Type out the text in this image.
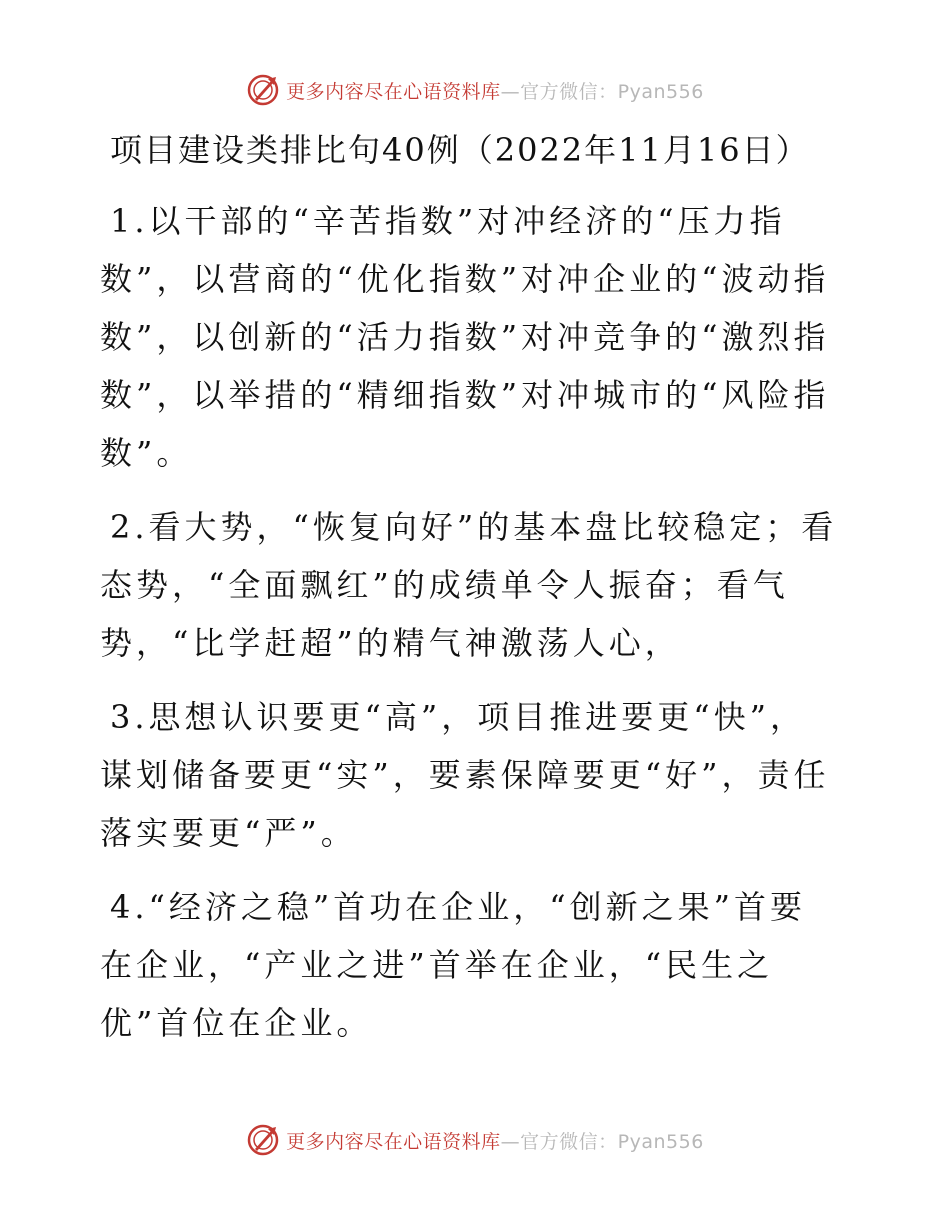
更多内容尽在心语资料库—官方微信：Pyan556
项目建设类排比句40例（2022年11月16日）
1.以干部的“辛苦指数”对冲经济的“压力指
数”，以营商的“优化指数”对冲企业的“波动指
数”，以创新的“活力指数”对冲竞争的“激烈指
数”，以举措的“精细指数”对冲城市的“风险指
数”。
2.看大势，“恢复向好”的基本盘比较稳定；看
态势，“全面飘红”的成绩单令人振奋；看气
势，“比学赶超”的精气神激荡人心，
3.思想认识要更“高”，项目推进要更“快”，
谋划储备要更“实”，要素保障要更“好”，责任
落实要更“严”。
4.“经济之稳”首功在企业，“创新之果”首要
在企业，“产业之进”首举在企业，“民生之
优”首位在企业。
更多内容尽在心语资料库—官方微信：Pyan556
